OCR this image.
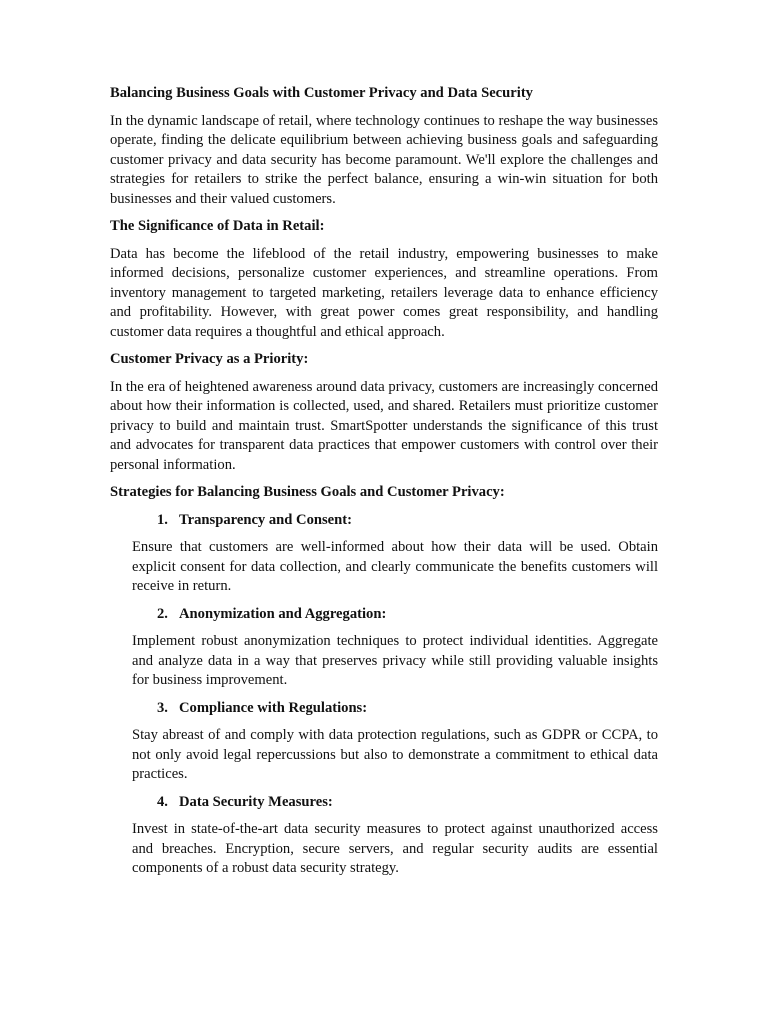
Balancing Business Goals with Customer Privacy and Data Security
In the dynamic landscape of retail, where technology continues to reshape the way businesses operate, finding the delicate equilibrium between achieving business goals and safeguarding customer privacy and data security has become paramount. We'll explore the challenges and strategies for retailers to strike the perfect balance, ensuring a win-win situation for both businesses and their valued customers.
The Significance of Data in Retail:
Data has become the lifeblood of the retail industry, empowering businesses to make informed decisions, personalize customer experiences, and streamline operations. From inventory management to targeted marketing, retailers leverage data to enhance efficiency and profitability. However, with great power comes great responsibility, and handling customer data requires a thoughtful and ethical approach.
Customer Privacy as a Priority:
In the era of heightened awareness around data privacy, customers are increasingly concerned about how their information is collected, used, and shared. Retailers must prioritize customer privacy to build and maintain trust. SmartSpotter understands the significance of this trust and advocates for transparent data practices that empower customers with control over their personal information.
Strategies for Balancing Business Goals and Customer Privacy:
1. Transparency and Consent:
Ensure that customers are well-informed about how their data will be used. Obtain explicit consent for data collection, and clearly communicate the benefits customers will receive in return.
2. Anonymization and Aggregation:
Implement robust anonymization techniques to protect individual identities. Aggregate and analyze data in a way that preserves privacy while still providing valuable insights for business improvement.
3. Compliance with Regulations:
Stay abreast of and comply with data protection regulations, such as GDPR or CCPA, to not only avoid legal repercussions but also to demonstrate a commitment to ethical data practices.
4. Data Security Measures:
Invest in state-of-the-art data security measures to protect against unauthorized access and breaches. Encryption, secure servers, and regular security audits are essential components of a robust data security strategy.
